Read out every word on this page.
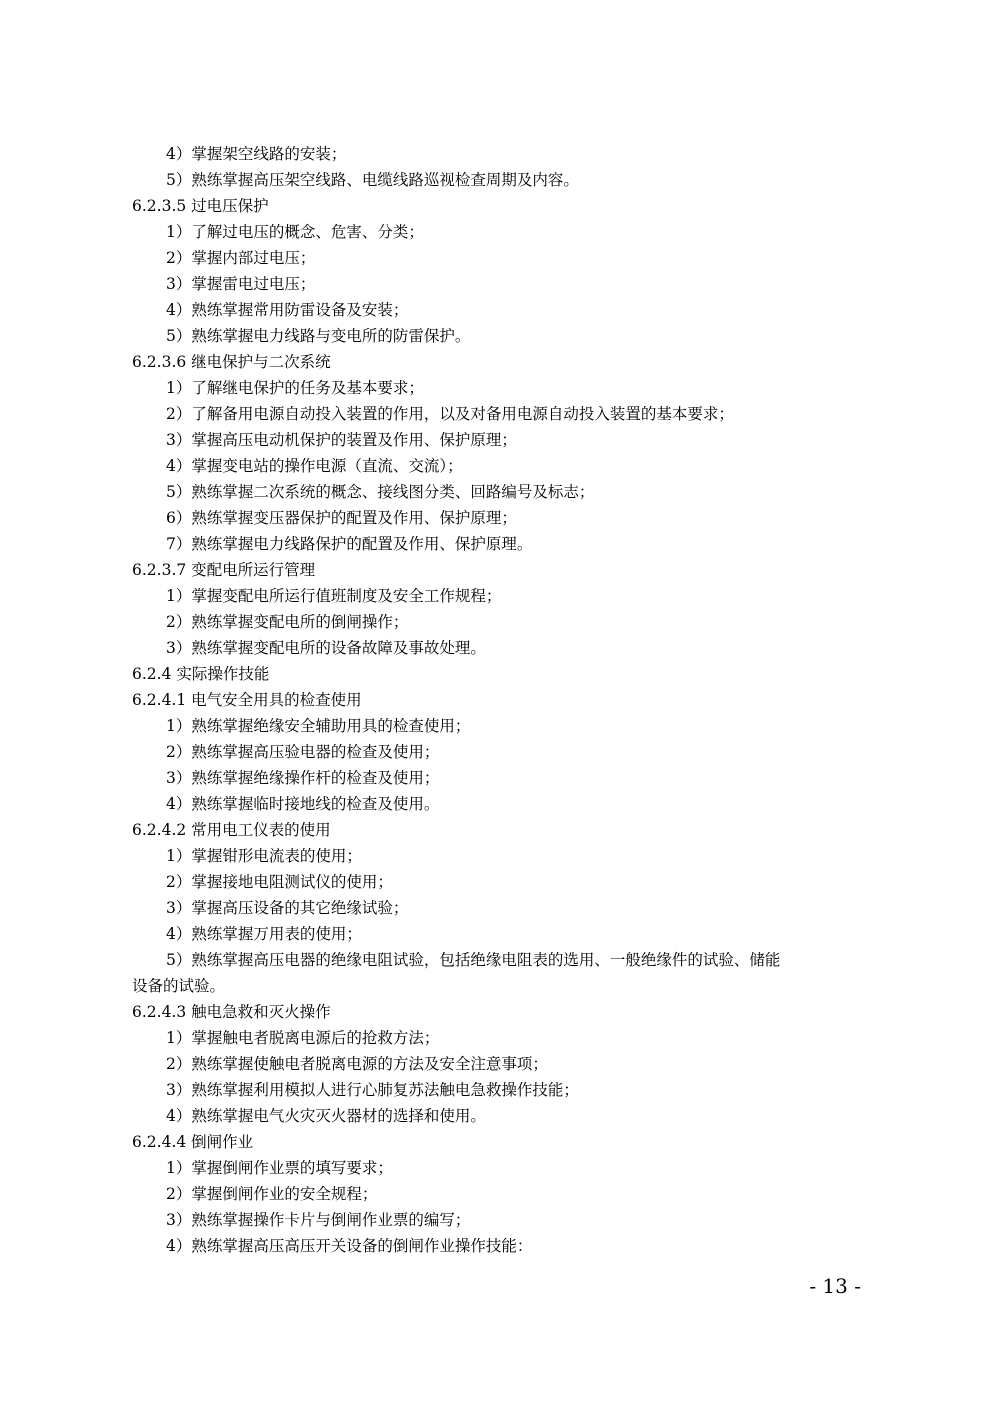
4）掌握架空线路的安装；
5）熟练掌握高压架空线路、电缆线路巡视检查周期及内容。
6.2.3.5 过电压保护
1）了解过电压的概念、危害、分类；
2）掌握内部过电压；
3）掌握雷电过电压；
4）熟练掌握常用防雷设备及安装；
5）熟练掌握电力线路与变电所的防雷保护。
6.2.3.6 继电保护与二次系统
1）了解继电保护的任务及基本要求；
2）了解备用电源自动投入装置的作用，以及对备用电源自动投入装置的基本要求；
3）掌握高压电动机保护的装置及作用、保护原理；
4）掌握变电站的操作电源（直流、交流）；
5）熟练掌握二次系统的概念、接线图分类、回路编号及标志；
6）熟练掌握变压器保护的配置及作用、保护原理；
7）熟练掌握电力线路保护的配置及作用、保护原理。
6.2.3.7 变配电所运行管理
1）掌握变配电所运行值班制度及安全工作规程；
2）熟练掌握变配电所的倒闸操作；
3）熟练掌握变配电所的设备故障及事故处理。
6.2.4 实际操作技能
6.2.4.1 电气安全用具的检查使用
1）熟练掌握绝缘安全辅助用具的检查使用；
2）熟练掌握高压验电器的检查及使用；
3）熟练掌握绝缘操作杆的检查及使用；
4）熟练掌握临时接地线的检查及使用。
6.2.4.2 常用电工仪表的使用
1）掌握钳形电流表的使用；
2）掌握接地电阻测试仪的使用；
3）掌握高压设备的其它绝缘试验；
4）熟练掌握万用表的使用；
5）熟练掌握高压电器的绝缘电阻试验，包括绝缘电阻表的选用、一般绝缘件的试验、储能
设备的试验。
6.2.4.3 触电急救和灭火操作
1）掌握触电者脱离电源后的抢救方法；
2）熟练掌握使触电者脱离电源的方法及安全注意事项；
3）熟练掌握利用模拟人进行心肺复苏法触电急救操作技能；
4）熟练掌握电气火灾灭火器材的选择和使用。
6.2.4.4 倒闸作业
1）掌握倒闸作业票的填写要求；
2）掌握倒闸作业的安全规程；
3）熟练掌握操作卡片与倒闸作业票的编写；
4）熟练掌握高压高压开关设备的倒闸作业操作技能：
- 13 -
